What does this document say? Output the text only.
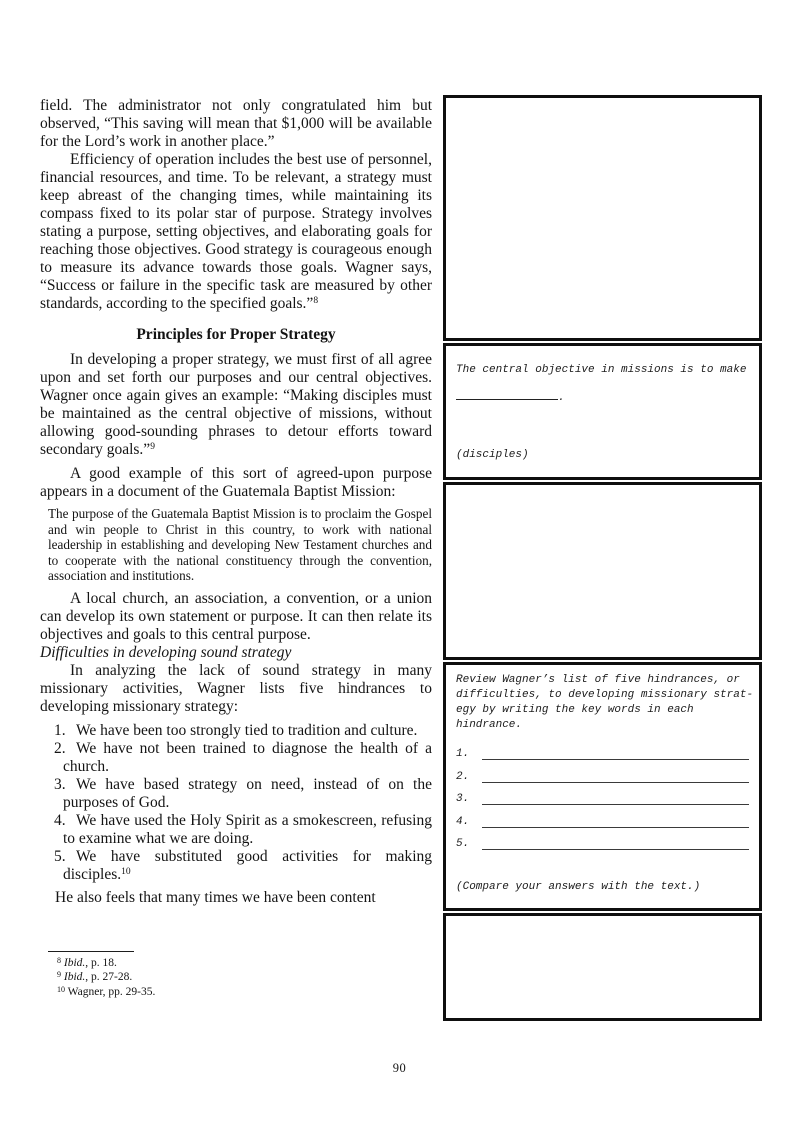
field. The administrator not only congratulated him but observed, “This saving will mean that $1,000 will be available for the Lord’s work in another place.”

Efficiency of operation includes the best use of personnel, financial resources, and time. To be relevant, a strategy must keep abreast of the changing times, while maintaining its compass fixed to its polar star of purpose. Strategy involves stating a purpose, setting objectives, and elaborating goals for reaching those objectives. Good strategy is courageous enough to measure its advance towards those goals. Wagner says, “Success or failure in the specific task are measured by other standards, according to the specified goals.”$^8$

Principles for Proper Strategy

In developing a proper strategy, we must first of all agree upon and set forth our purposes and our central objectives. Wagner once again gives an example: “Making disciples must be maintained as the central objective of missions, without allowing good-sounding phrases to detour efforts toward secondary goals.”$^9$

A good example of this sort of agreed-upon purpose appears in a document of the Guatemala Baptist Mission:

The purpose of the Guatemala Baptist Mission is to proclaim the Gospel and win people to Christ in this country, to work with national leadership in establishing and developing New Testament churches and to cooperate with the national constituency through the convention, association and institutions.

A local church, an association, a convention, or a union can develop its own statement or purpose. It can then relate its objectives and goals to this central purpose.

Difficulties in developing sound strategy

In analyzing the lack of sound strategy in many missionary activities, Wagner lists five hindrances to developing missionary strategy:

1. We have been too strongly tied to tradition and culture.
2. We have not been trained to diagnose the health of a church.
3. We have based strategy on need, instead of on the purposes of God.
4. We have used the Holy Spirit as a smokescreen, refusing to examine what we are doing.
5. We have substituted good activities for making disciples.$^{10}$

He also feels that many times we have been content

$^8$ Ibid., p. 18.
$^9$ Ibid., p. 27-28.
$^{10}$ Wagner, pp. 29-35.
The central objective in missions is to make
.
(disciples)
Review Wagner’s list of five hindrances, or
difficulties, to developing missionary strat-
egy by writing the key words in each
hindrance.
1.
2.
3.
4.
5.
(Compare your answers with the text.)
90
